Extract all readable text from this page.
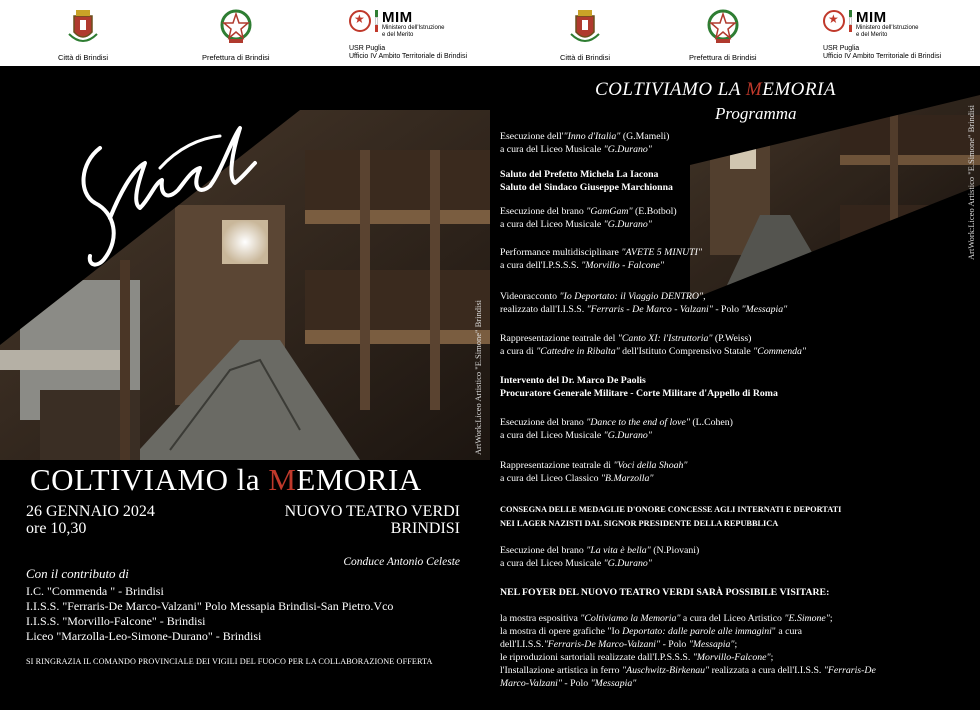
Città di Brindisi	Prefettura di Brindisi
★
MIM
Ministero dell'Istruzione
e del Merito
USR Puglia
Ufficio IV Ambito Territoriale di Brindisi
COLTIVIAMO la MEMORIA
26 GENNAIO 2024
ore 10,30
NUOVO TEATRO VERDI
BRINDISI
Conduce Antonio Celeste
Con il contributo di
I.C. "Commenda " - Brindisi
I.I.S.S. "Ferraris-De Marco-Valzani" Polo Messapia Brindisi-San Pietro.Vco
I.I.S.S. "Morvillo-Falcone" - Brindisi
Liceo "Marzolla-Leo-Simone-Durano" - Brindisi
SI RINGRAZIA IL COMANDO PROVINCIALE DEI VIGILI DEL FUOCO PER LA COLLABORAZIONE OFFERTA
ArtWork:Liceo Artistico "E.Simone" Brindisi
Città di Brindisi	Prefettura di Brindisi
★
MIM
Ministero dell'Istruzione
e del Merito
USR Puglia
Ufficio IV Ambito Territoriale di Brindisi
COLTIVIAMO LA MEMORIA
Programma

Esecuzione dell'"Inno d'Italia" (G.Mameli)

a cura del Liceo Musicale "G.Durano"

Saluto del Prefetto Michela La Iacona

Saluto del Sindaco Giuseppe Marchionna

Esecuzione del brano "GamGam" (E.Botbol)

a cura del Liceo Musicale "G.Durano"

Performance multidisciplinare "AVETE 5 MINUTI"

a cura dell'I.P.S.S.S. "Morvillo - Falcone"

Videoracconto "Io Deportato: il Viaggio DENTRO",

realizzato dall'I.I.S.S. "Ferraris - De Marco - Valzani" - Polo "Messapia"

Rappresentazione teatrale del "Canto XI: l'Istruttoria" (P.Weiss)

a cura di "Cattedre in Ribalta" dell'Istituto Comprensivo Statale "Commenda"

Intervento del Dr. Marco De Paolis

Procuratore Generale Militare - Corte Militare d'Appello di Roma

Esecuzione del brano "Dance to the end of love" (L.Cohen)

a cura del Liceo Musicale "G.Durano"

Rappresentazione teatrale di "Voci della Shoah"

a cura del Liceo Classico "B.Marzolla"

CONSEGNA DELLE MEDAGLIE D'ONORE CONCESSE AGLI INTERNATI E DEPORTATI

NEI LAGER NAZISTI DAL SIGNOR PRESIDENTE DELLA REPUBBLICA

Esecuzione del brano "La vita è bella" (N.Piovani)

a cura del Liceo Musicale "G.Durano"

NEL FOYER DEL NUOVO TEATRO VERDI SARÀ POSSIBILE VISITARE:

la mostra espositiva "Coltiviamo la Memoria" a cura del Liceo Artistico "E.Simone";

la mostra di opere grafiche "Io Deportato: dalle parole alle immagini" a cura

dell'I.I.S.S."Ferraris-De Marco-Valzani" - Polo "Messapia";

le riproduzioni sartoriali realizzate dall'I.P.S.S.S. "Morvillo-Falcone";

l'Installazione artistica in ferro "Auschwitz-Birkenau" realizzata a cura dell'I.I.S.S. "Ferraris-De

Marco-Valzani" - Polo "Messapia"

ArtWork:Liceo Artistico "E.Simone" Brindisi
